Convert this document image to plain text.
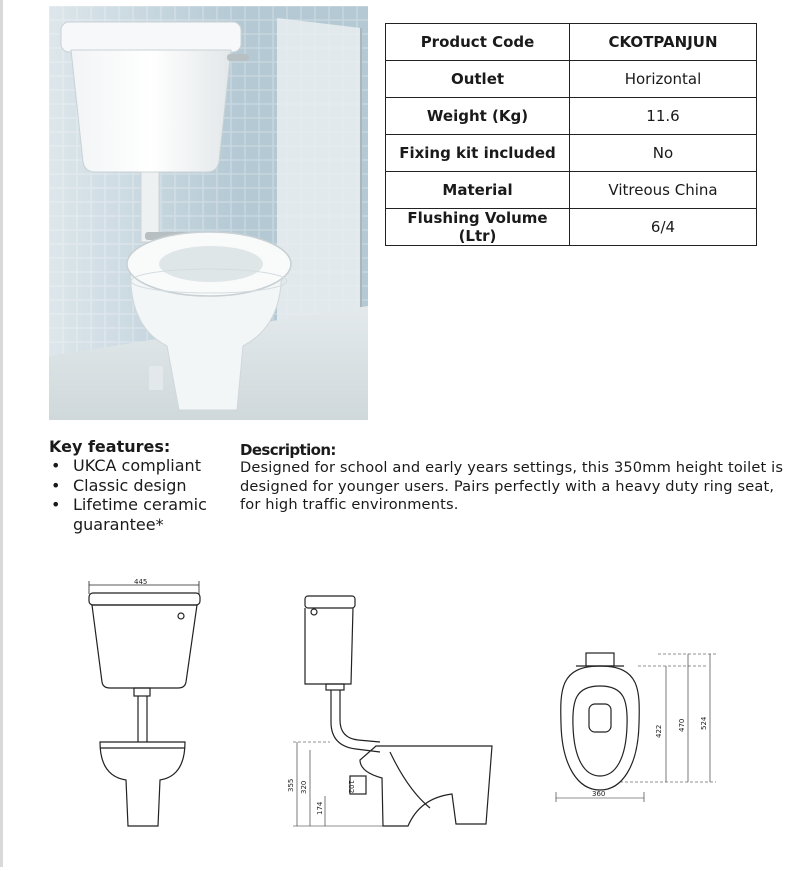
Product Code	CKOTPANJUN
Outlet	Horizontal
Weight (Kg)	11.6
Fixing kit included	No
Material	Vitreous China
Flushing Volume (Ltr)	6/4
Key features:
• UKCA compliant
• Classic design
• Lifetime ceramic guarantee*
Description:

Designed for school and early years settings, this 350mm height toilet is designed for younger users. Pairs perfectly with a heavy duty ring seat, for high traffic environments.

445
355 320
174
102
422 470 524
360
